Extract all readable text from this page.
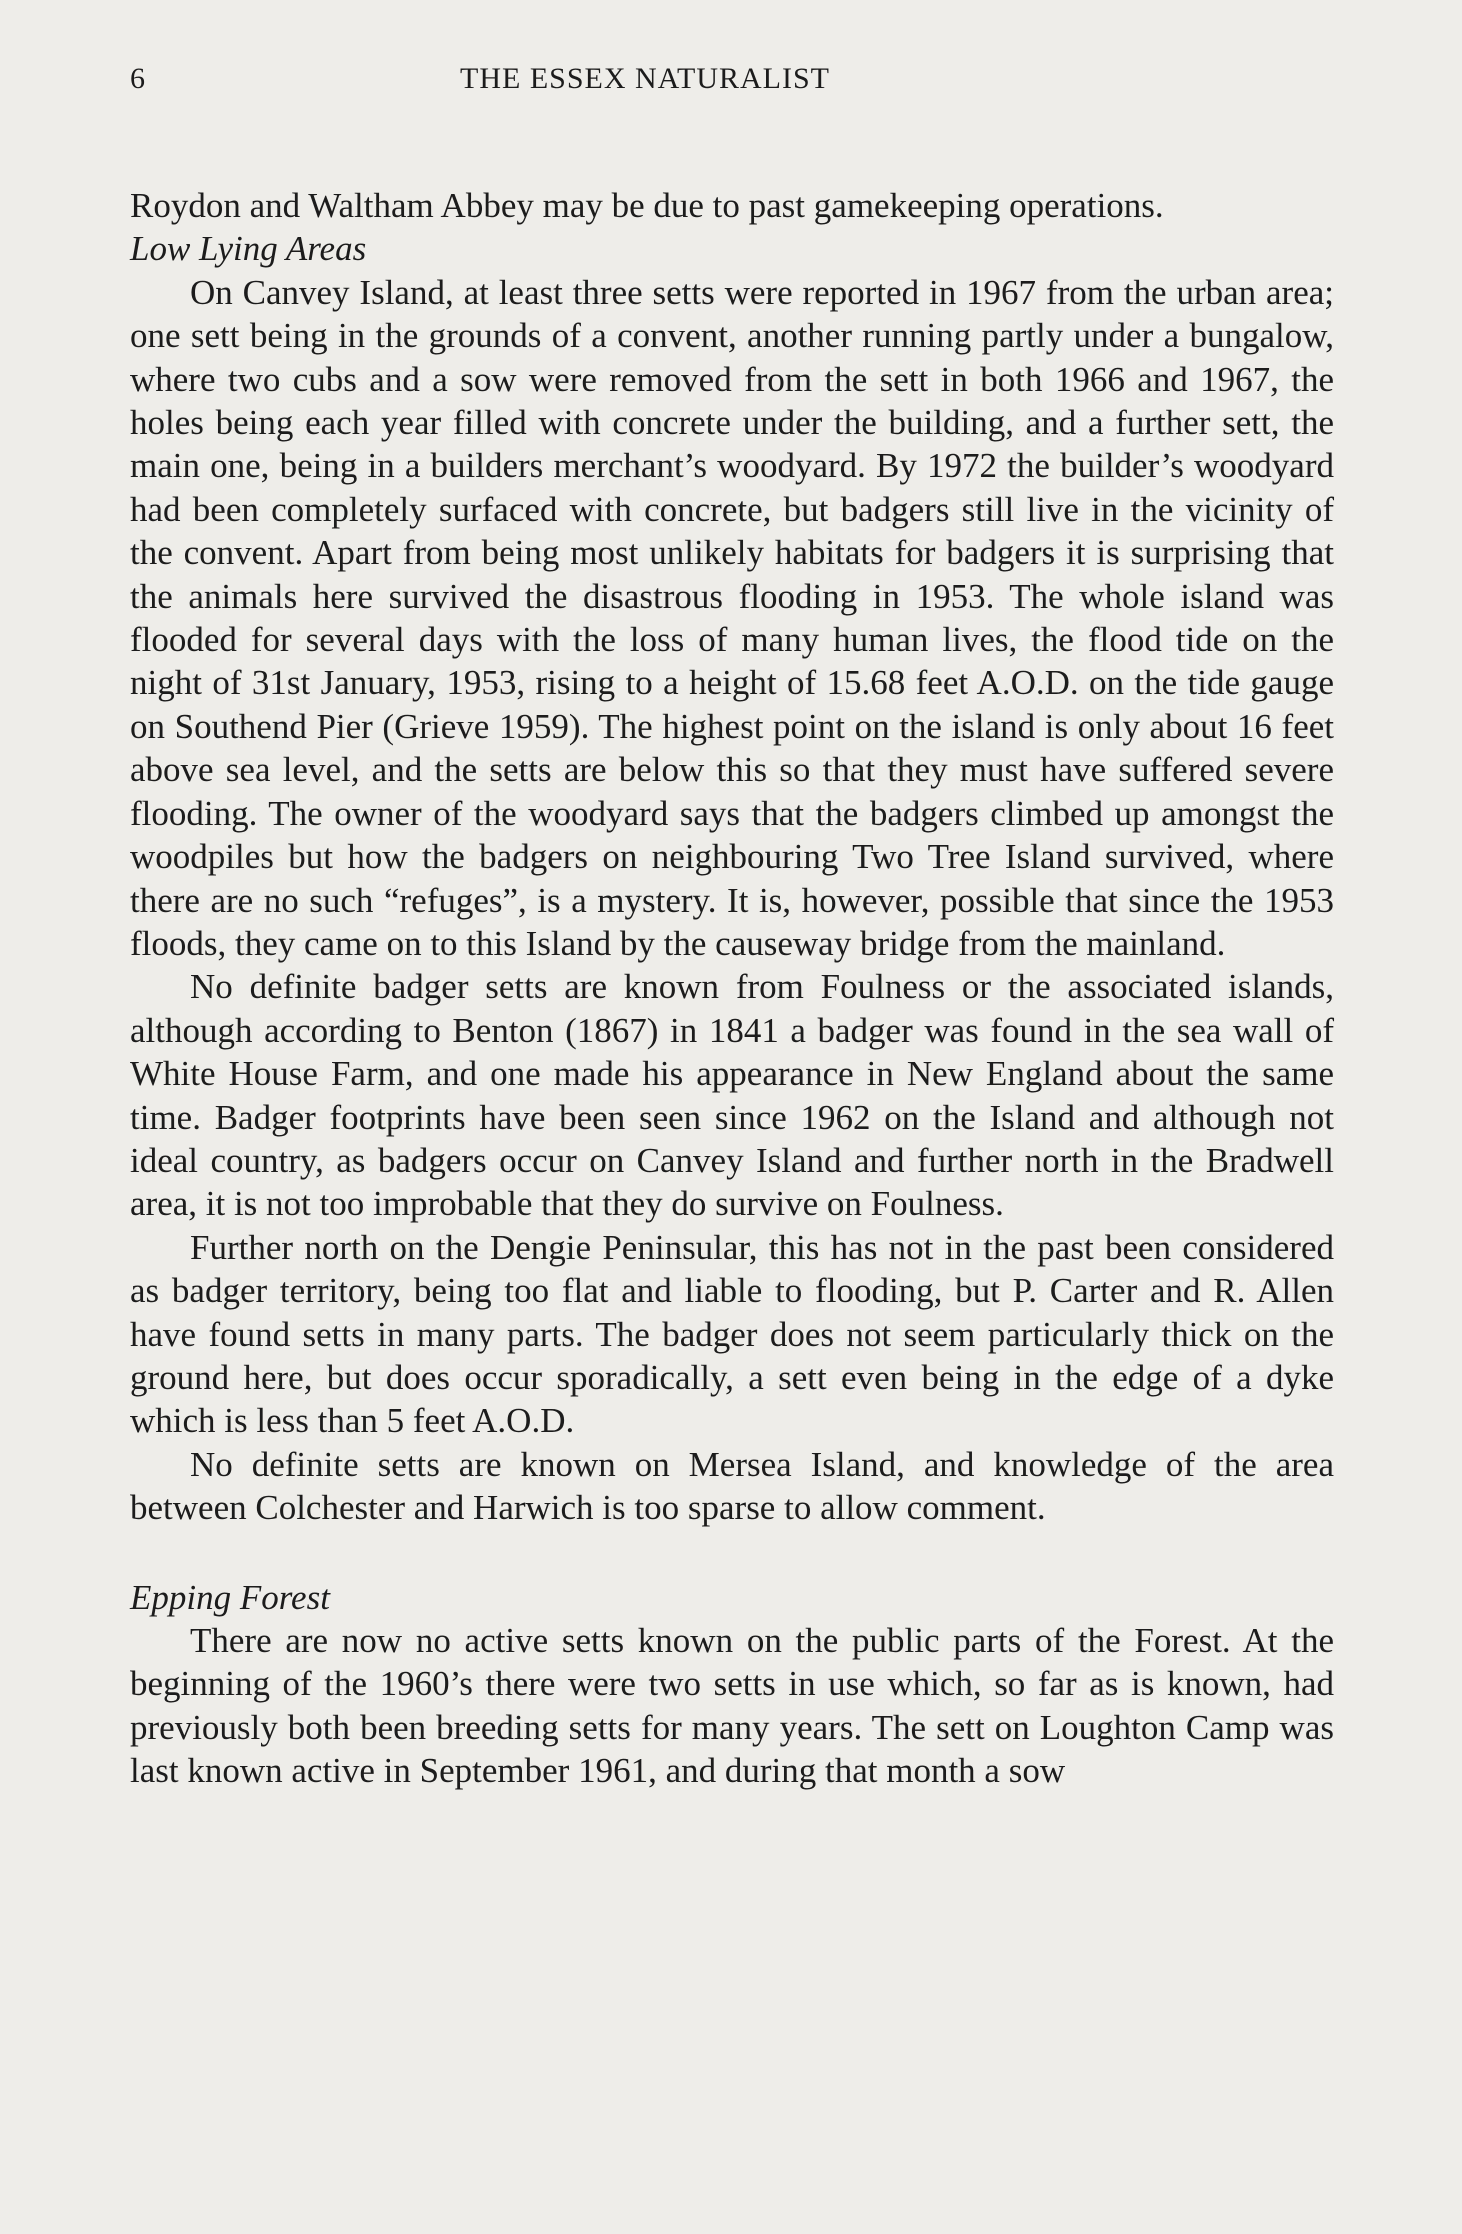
6	THE ESSEX NATURALIST

Roydon and Waltham Abbey may be due to past gamekeeping operations.

Low Lying Areas

On Canvey Island, at least three setts were reported in 1967 from the urban area; one sett being in the grounds of a convent, another running partly under a bungalow, where two cubs and a sow were removed from the sett in both 1966 and 1967, the holes being each year filled with concrete under the building, and a further sett, the main one, being in a builders merchant’s woodyard. By 1972 the builder’s woodyard had been completely surfaced with concrete, but badgers still live in the vicinity of the convent. Apart from being most unlikely habitats for badgers it is surprising that the animals here survived the disastrous flooding in 1953. The whole island was flooded for several days with the loss of many human lives, the flood tide on the night of 31st January, 1953, rising to a height of 15.68 feet A.O.D. on the tide gauge on Southend Pier (Grieve 1959). The highest point on the island is only about 16 feet above sea level, and the setts are below this so that they must have suffered severe flooding. The owner of the woodyard says that the badgers climbed up amongst the woodpiles but how the badgers on neighbouring Two Tree Island survived, where there are no such “refuges”, is a mystery. It is, however, possible that since the 1953 floods, they came on to this Island by the causeway bridge from the mainland.

No definite badger setts are known from Foulness or the associated islands, although according to Benton (1867) in 1841 a badger was found in the sea wall of White House Farm, and one made his appearance in New England about the same time. Badger footprints have been seen since 1962 on the Island and although not ideal country, as badgers occur on Canvey Island and further north in the Bradwell area, it is not too improbable that they do survive on Foulness.

Further north on the Dengie Peninsular, this has not in the past been considered as badger territory, being too flat and liable to flooding, but P. Carter and R. Allen have found setts in many parts. The badger does not seem particularly thick on the ground here, but does occur sporadically, a sett even being in the edge of a dyke which is less than 5 feet A.O.D.

No definite setts are known on Mersea Island, and knowledge of the area between Colchester and Harwich is too sparse to allow comment.

Epping Forest

There are now no active setts known on the public parts of the Forest. At the beginning of the 1960’s there were two setts in use which, so far as is known, had previously both been breeding setts for many years. The sett on Loughton Camp was last known active in September 1961, and during that month a sow
